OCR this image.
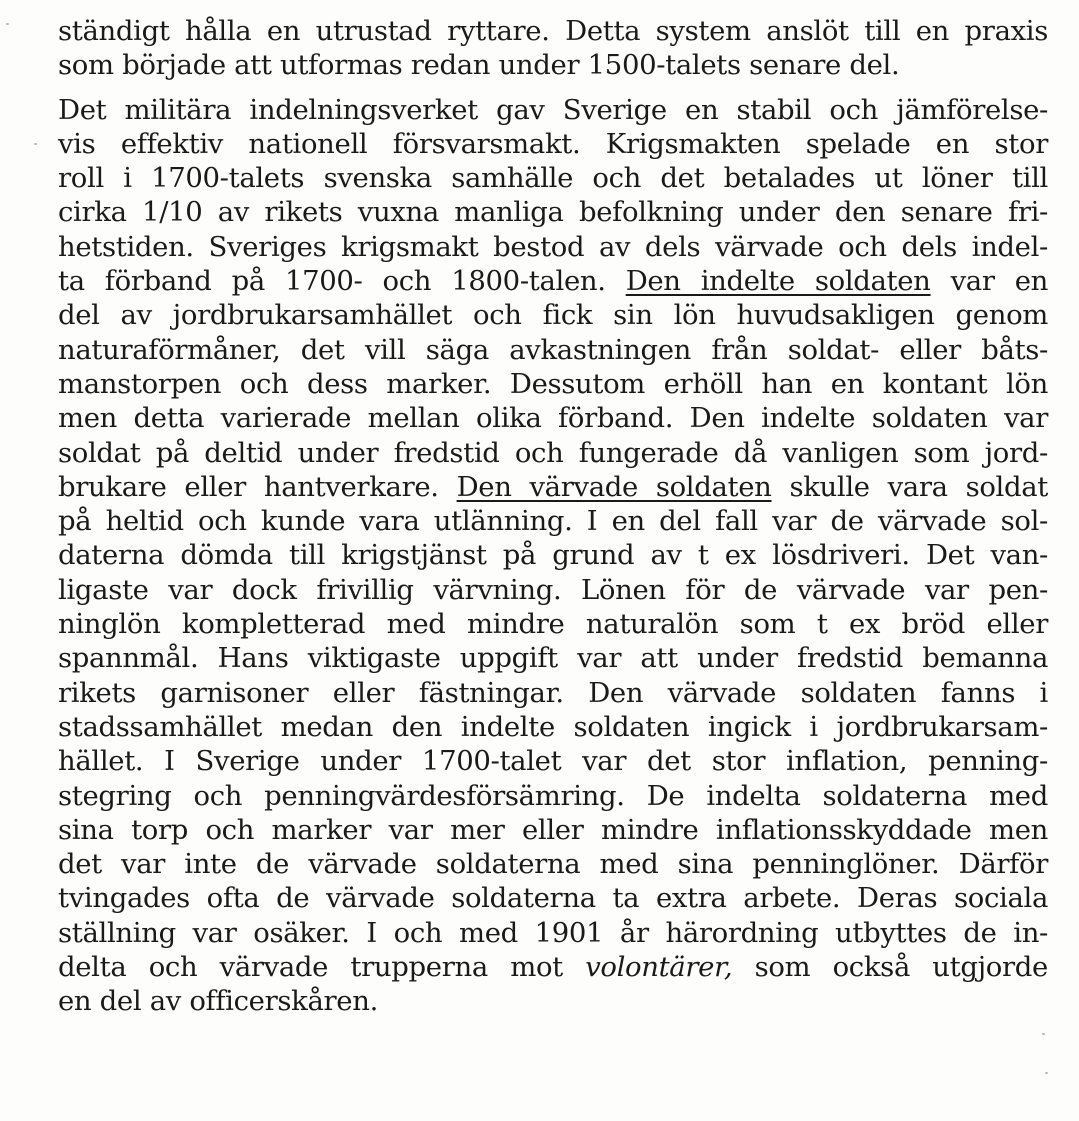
ständigt hålla en utrustad ryttare. Detta system anslöt till en praxis
som började att utformas redan under 1500-talets senare del.
Det militära indelningsverket gav Sverige en stabil och jämförelse-
vis effektiv nationell försvarsmakt. Krigsmakten spelade en stor
roll i 1700-talets svenska samhälle och det betalades ut löner till
cirka 1/10 av rikets vuxna manliga befolkning under den senare fri-
hetstiden. Sveriges krigsmakt bestod av dels värvade och dels indel-
ta förband på 1700- och 1800-talen. Den indelte soldaten var en
del av jordbrukarsamhället och fick sin lön huvudsakligen genom
naturaförmåner, det vill säga avkastningen från soldat- eller båts-
manstorpen och dess marker. Dessutom erhöll han en kontant lön
men detta varierade mellan olika förband. Den indelte soldaten var
soldat på deltid under fredstid och fungerade då vanligen som jord-
brukare eller hantverkare. Den värvade soldaten skulle vara soldat
på heltid och kunde vara utlänning. I en del fall var de värvade sol-
daterna dömda till krigstjänst på grund av t ex lösdriveri. Det van-
ligaste var dock frivillig värvning. Lönen för de värvade var pen-
ninglön kompletterad med mindre naturalön som t ex bröd eller
spannmål. Hans viktigaste uppgift var att under fredstid bemanna
rikets garnisoner eller fästningar. Den värvade soldaten fanns i
stadssamhället medan den indelte soldaten ingick i jordbrukarsam-
hället. I Sverige under 1700-talet var det stor inflation, penning-
stegring och penningvärdesförsämring. De indelta soldaterna med
sina torp och marker var mer eller mindre inflationsskyddade men
det var inte de värvade soldaterna med sina penninglöner. Därför
tvingades ofta de värvade soldaterna ta extra arbete. Deras sociala
ställning var osäker. I och med 1901 år härordning utbyttes de in-
delta och värvade trupperna mot volontärer, som också utgjorde
en del av officerskåren.
